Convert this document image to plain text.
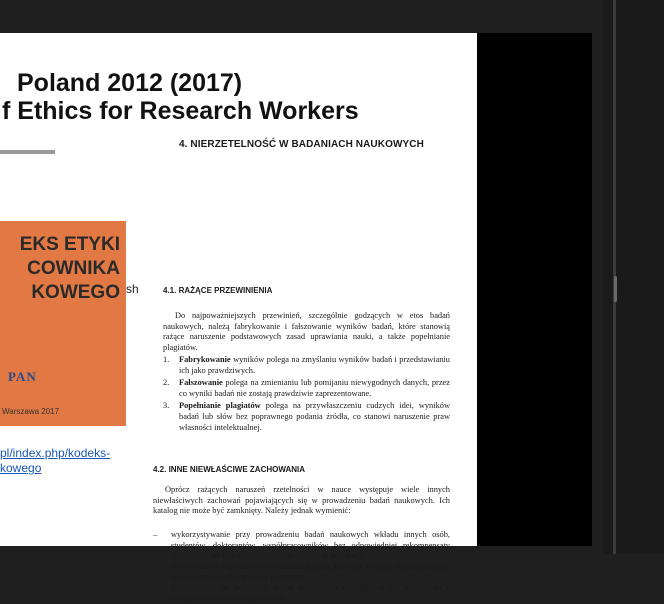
Poland 2012 (2017)
f Ethics for Research Workers
EKS ETYKI
COWNIKA
KOWEGO
PAN
Warszawa 2017
sh
pl/index.php/kodeks-
kowego
4. NIERZETELNOŚĆ W BADANIACH NAUKOWYCH
4.1. RAŻĄCE PRZEWINIENIA
Do najpoważniejszych przewinień, szczególnie godzących w etos badań naukowych, należą fabrykowanie i fałszowanie wyników badań, które stanowią rażące naruszenie podstawowych zasad uprawiania nauki, a także popełnianie plagiatów.
1. Fabrykowanie wyników polega na zmyślaniu wyników badań i przedstawianiu ich jako prawdziwych.
2. Fałszowanie polega na zmienianiu lub pomijaniu niewygodnych danych, przez co wyniki badań nie zostają prawdziwie zaprezentowane.
3. Popełnianie plagiatów polega na przywłaszczeniu cudzych idei, wyników badań lub słów bez poprawnego podania źródła, co stanowi naruszenie praw własności intelektualnej.
4.2. INNE NIEWŁAŚCIWE ZACHOWANIA
Oprócz rażących naruszeń rzetelności w nauce występuje wiele innych niewłaściwych zachowań pojawiających się w prowadzeniu badań naukowych. Ich katalog nie może być zamknięty. Należy jednak wymienić:
– wykorzystywanie przy prowadzeniu badań naukowych wkładu innych osób, studentów, doktorantów, współpracowników bez odpowiedniej rekompensaty finansowej lub bez zaznaczenia tego wkładu w publikacji;
– zezwolenie na współautorstwo publikacji osób, które nie wniosły wystarczającego wkładu intelektualnego w jej powstanie;
– przyzwolenie na pozorność badań naukowych niemających nic wspólnego z rzetelnym procesem poznawczym.
